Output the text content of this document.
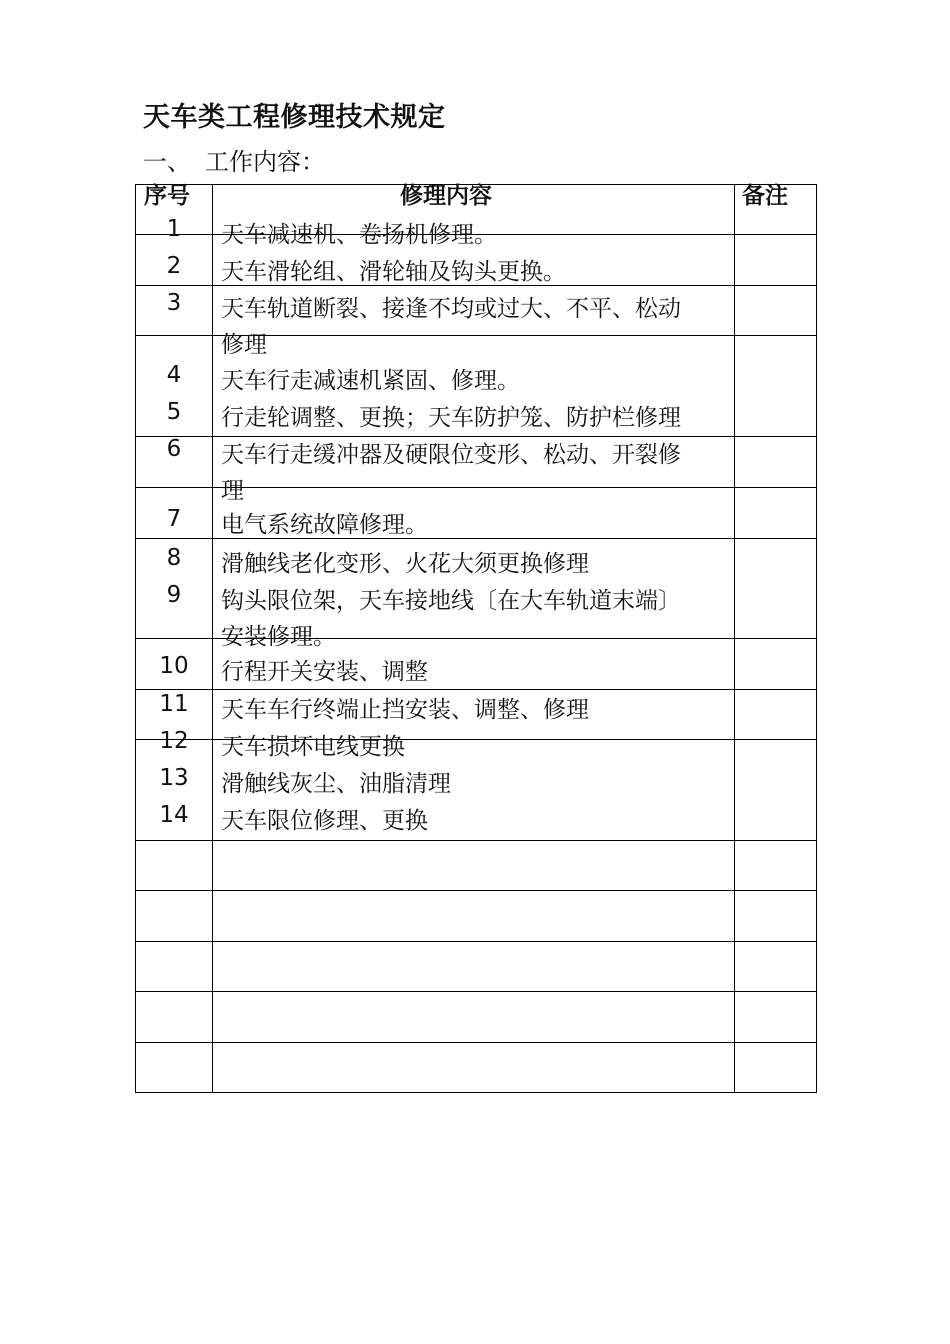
天车类工程修理技术规定
一、 工作内容：
序号	修理内容	备注
1	天车减速机、卷扬机修理。
2	天车滑轮组、滑轮轴及钩头更换。
3	天车轨道断裂、接逢不均或过大、不平、松动
修理
4	天车行走减速机紧固、修理。
5	行走轮调整、更换；天车防护笼、防护栏修理
6	天车行走缓冲器及硬限位变形、松动、开裂修
理
7	电气系统故障修理。
8	滑触线老化变形、火花大须更换修理
9	钩头限位架，天车接地线〔在大车轨道末端〕
安装修理。
10	行程开关安装、调整
11	天车车行终端止挡安装、调整、修理
12	天车损坏电线更换
13	滑触线灰尘、油脂清理
14	天车限位修理、更换
